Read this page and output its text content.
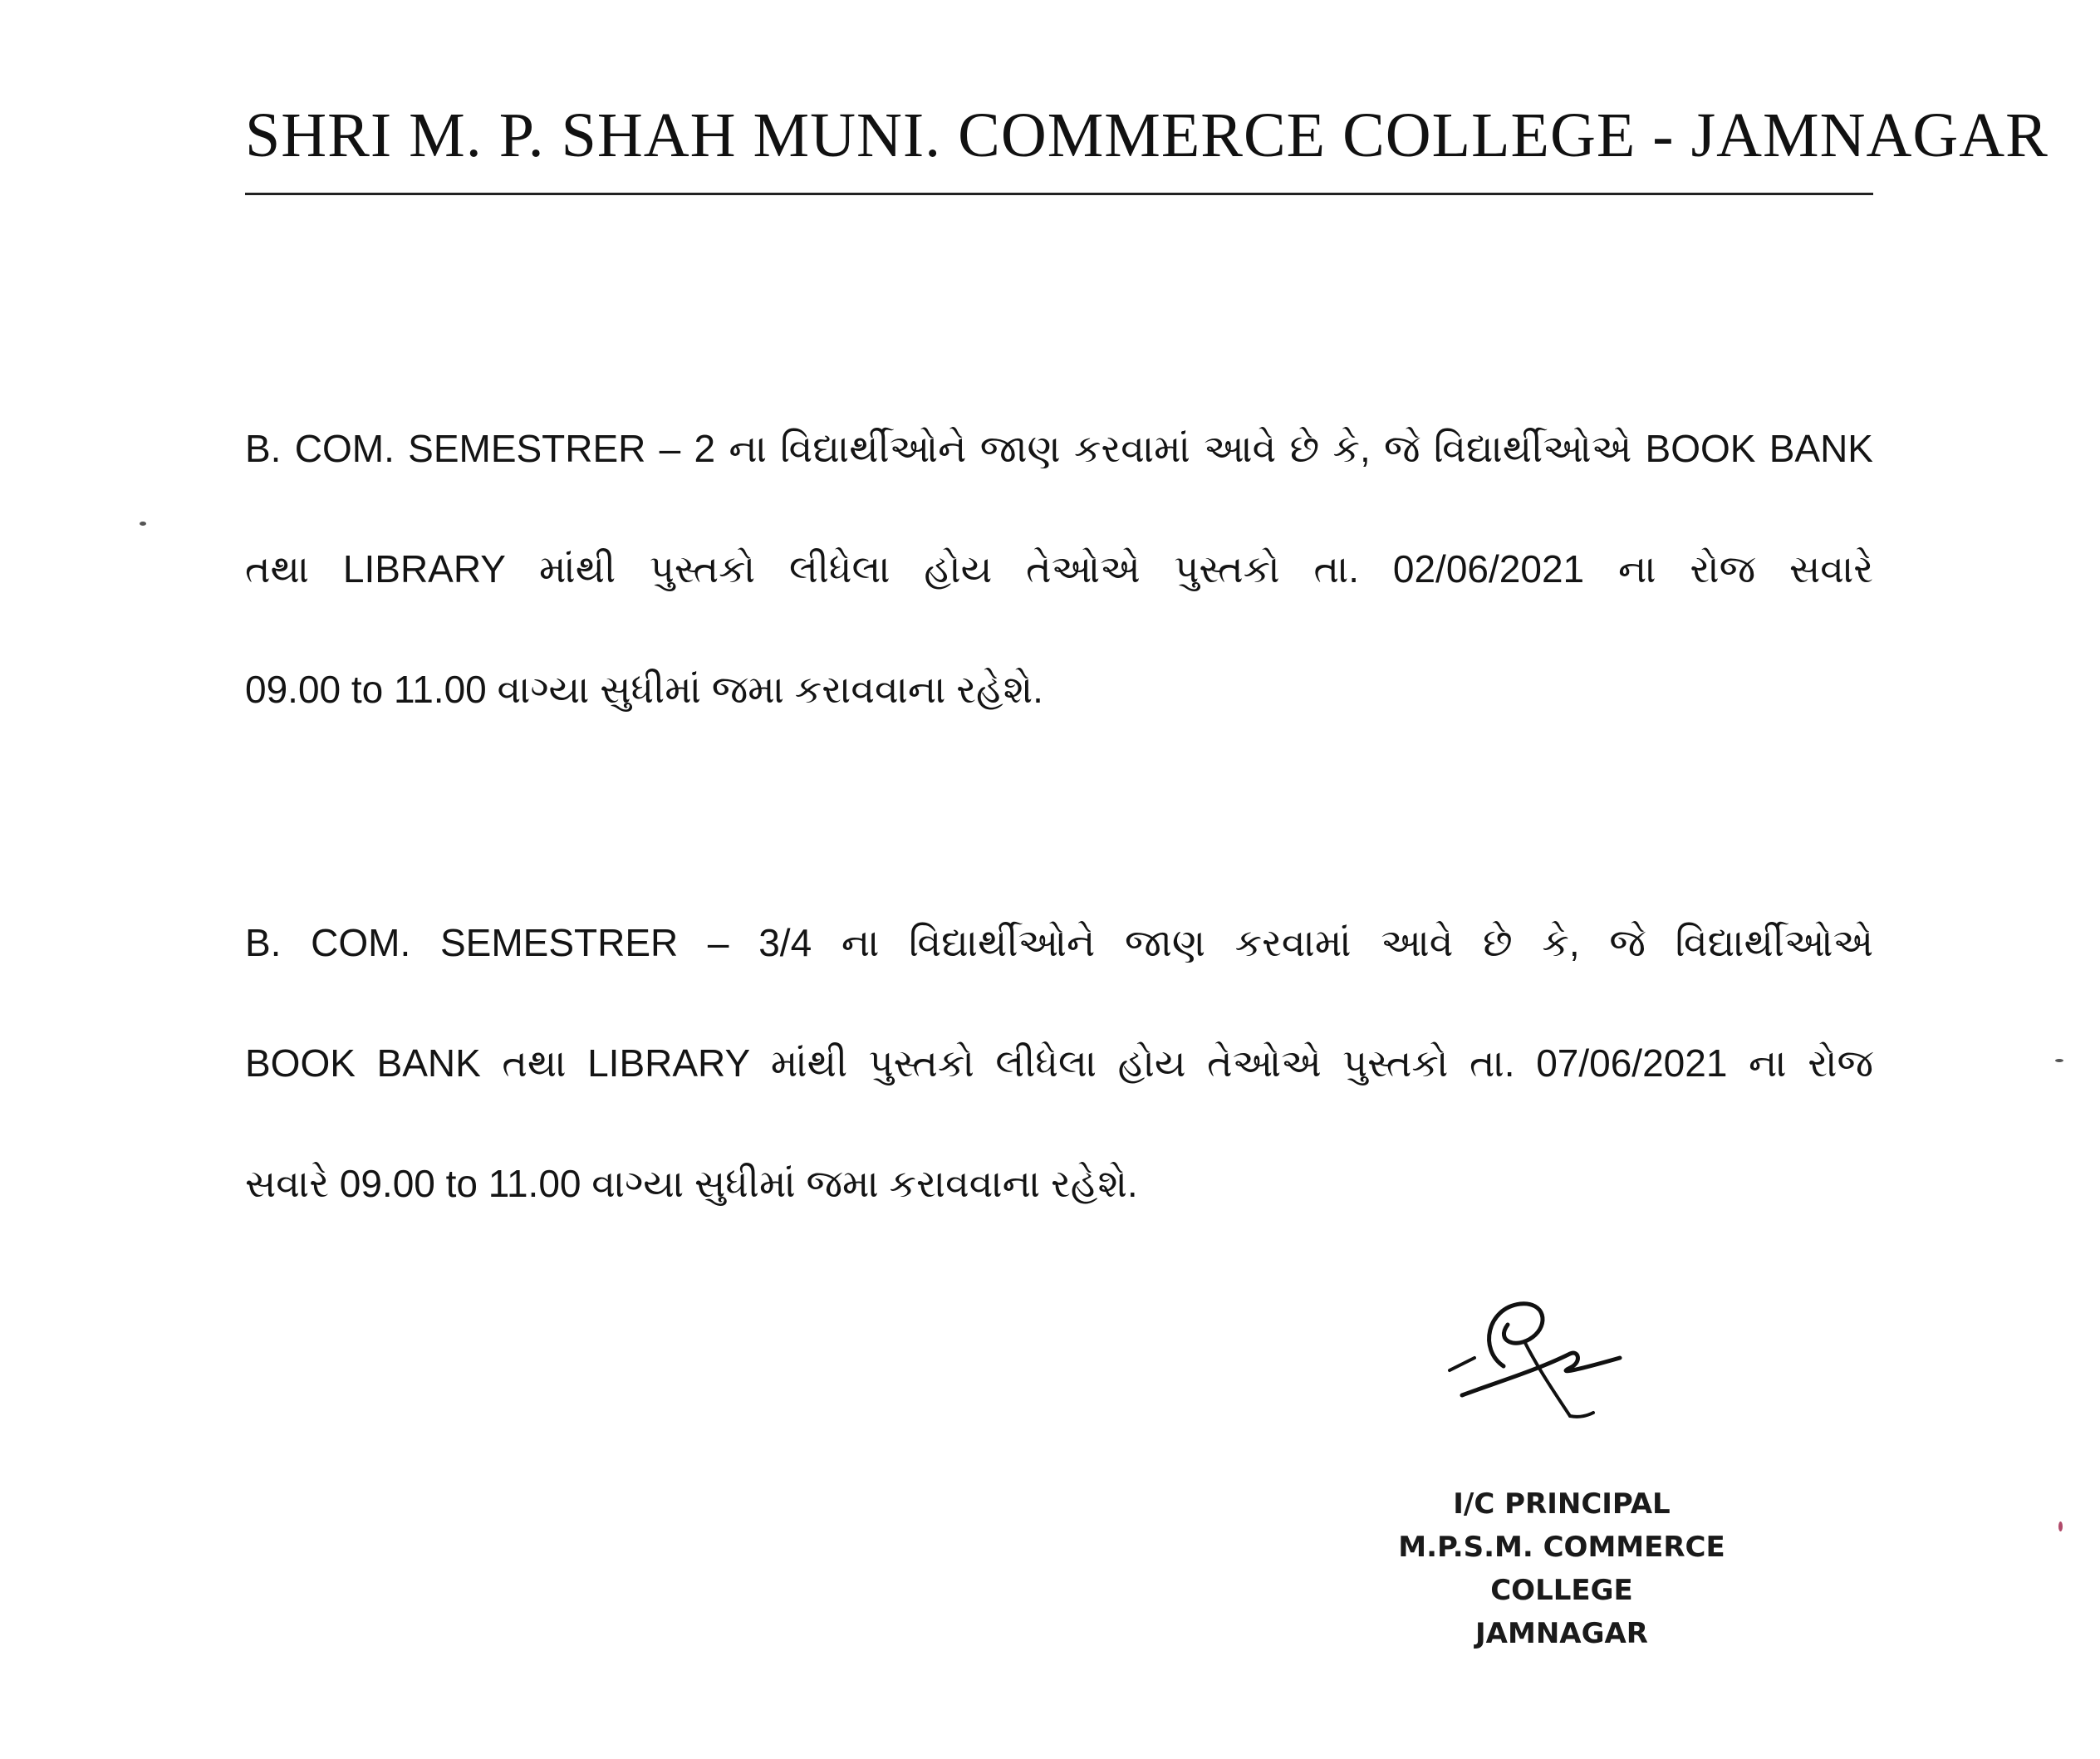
SHRI M. P. SHAH MUNI. COMMERCE COLLEGE - JAMNAGAR
B. COM. SEMESTRER – 2 ના વિદ્યાર્થીઓને જાણ કરવામાં આવે છે કે, જે વિદ્યાર્થીઓએ BOOK BANK
તથા LIBRARY માંથી પુસ્તકો લીધેલા હોય તેઓએ પુસ્તકો તા. 02/06/2021 ના રોજ સવારે
09.00 to 11.00 વાગ્યા સુધીમાં જમા કરાવવાના રહેશે.
B. COM. SEMESTRER – 3/4 ના વિદ્યાર્થીઓને જાણ કરવામાં આવે છે કે, જે વિદ્યાર્થીઓએ
BOOK BANK તથા LIBRARY માંથી પુસ્તકો લીધેલા હોય તેઓએ પુસ્તકો તા. 07/06/2021 ના રોજ
સવારે 09.00 to 11.00 વાગ્યા સુધીમાં જમા કરાવવાના રહેશે.
I/C PRINCIPAL
M.P.S.M. COMMERCE COLLEGE
JAMNAGAR
